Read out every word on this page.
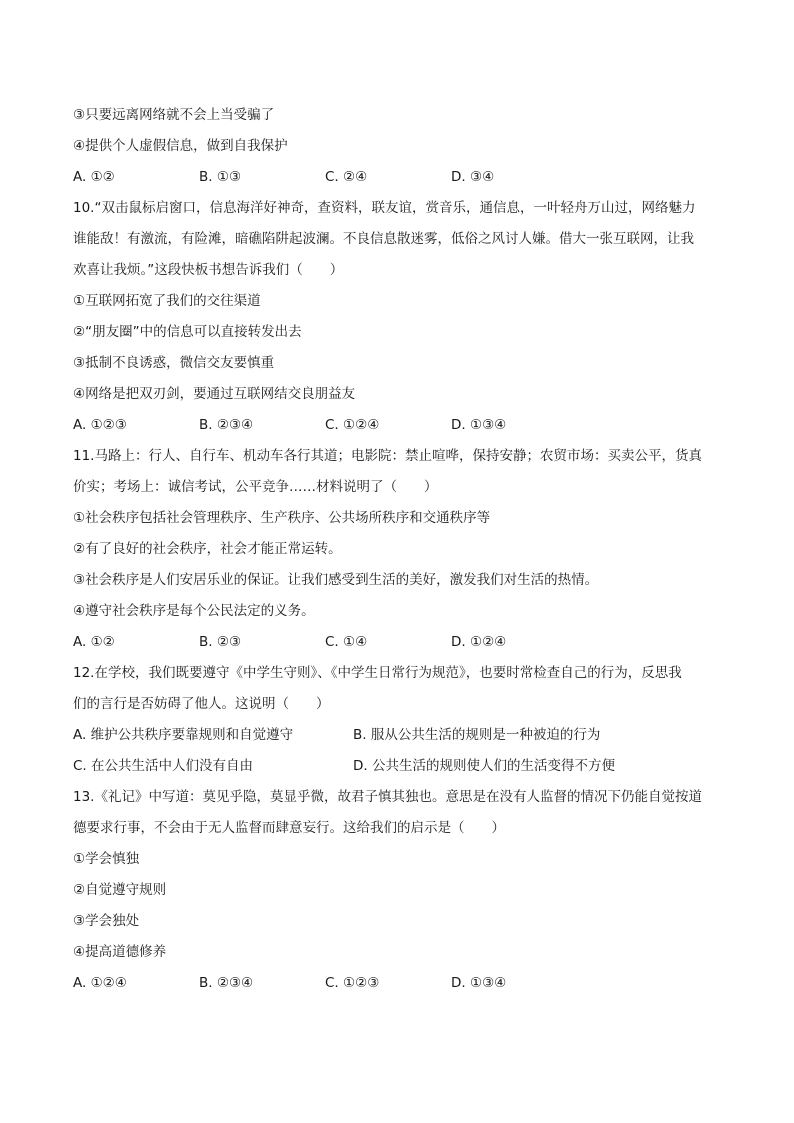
③只要远离网络就不会上当受骗了
④提供个人虚假信息，做到自我保护
A. ①②	B. ①③	C. ②④	D. ③④
10.“双击鼠标启窗口，信息海洋好神奇，查资料，联友谊，赏音乐，通信息，一叶轻舟万山过，网络魅力
谁能敌！有激流，有险滩，暗礁陷阱起波澜。不良信息散迷雾，低俗之风讨人嫌。借大一张互联网，让我
欢喜让我烦。”这段快板书想告诉我们（　　）
①互联网拓宽了我们的交往渠道
②“朋友圈”中的信息可以直接转发出去
③抵制不良诱惑，微信交友要慎重
④网络是把双刃剑，要通过互联网结交良朋益友
A. ①②③	B. ②③④	C. ①②④	D. ①③④
11.马路上：行人、自行车、机动车各行其道；电影院：禁止喧哗，保持安静；农贸市场：买卖公平，货真
价实；考场上：诚信考试，公平竞争……材料说明了（　　）
①社会秩序包括社会管理秩序、生产秩序、公共场所秩序和交通秩序等
②有了良好的社会秩序，社会才能正常运转。
③社会秩序是人们安居乐业的保证。让我们感受到生活的美好，激发我们对生活的热情。
④遵守社会秩序是每个公民法定的义务。
A. ①②	B. ②③	C. ①④	D. ①②④
12.在学校，我们既要遵守《中学生守则》、《中学生日常行为规范》，也要时常检查自己的行为，反思我
们的言行是否妨碍了他人。这说明（　　）
A. 维护公共秩序要靠规则和自觉遵守	B. 服从公共生活的规则是一种被迫的行为
C. 在公共生活中人们没有自由	D. 公共生活的规则使人们的生活变得不方便
13.《礼记》中写道：莫见乎隐，莫显乎微，故君子慎其独也。意思是在没有人监督的情况下仍能自觉按道
德要求行事，不会由于无人监督而肆意妄行。这给我们的启示是（　　）
①学会慎独
②自觉遵守规则
③学会独处
④提高道德修养
A. ①②④	B. ②③④	C. ①②③	D. ①③④
